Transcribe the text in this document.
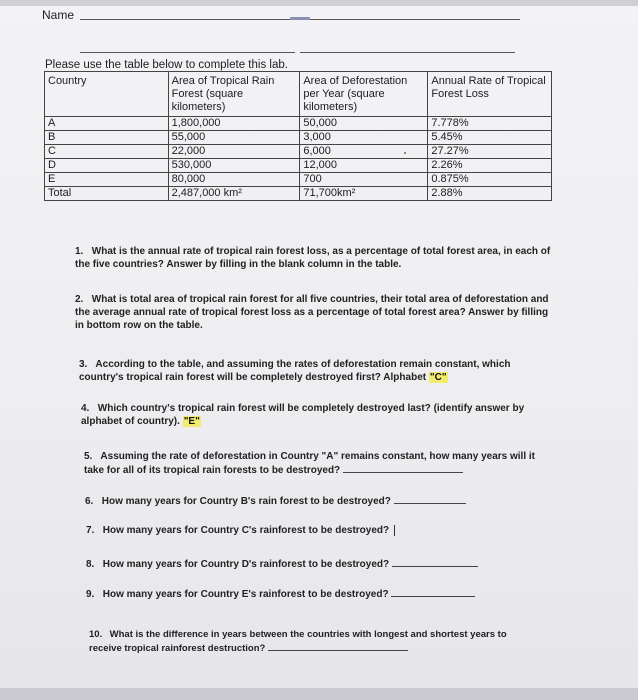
Name
Please use the table below to complete this lab.
Country	Area of Tropical Rain Forest (square kilometers)	Area of Deforestation per Year (square kilometers)	Annual Rate of Tropical Forest Loss
A	1,800,000	50,000	7.778%
B	55,000	3,000	5.45%
C	22,000	6,000	27.27%
D	530,000	12,000	2.26%
E	80,000	700	0.875%
Total	2,487,000 km²	71,700km²	2.88%
1. What is the annual rate of tropical rain forest loss, as a percentage of total forest area, in each of the five countries? Answer by filling in the blank column in the table.
2. What is total area of tropical rain forest for all five countries, their total area of deforestation and the average annual rate of tropical forest loss as a percentage of total forest area? Answer by filling in bottom row on the table.
3. According to the table, and assuming the rates of deforestation remain constant, which country's tropical rain forest will be completely destroyed first? Alphabet "C"
4. Which country's tropical rain forest will be completely destroyed last? (identify answer by alphabet of country). "E"
5. Assuming the rate of deforestation in Country "A" remains constant, how many years will it take for all of its tropical rain forests to be destroyed?
6. How many years for Country B's rain forest to be destroyed?
7. How many years for Country C's rainforest to be destroyed?
8. How many years for Country D's rainforest to be destroyed?
9. How many years for Country E's rainforest to be destroyed?
10. What is the difference in years between the countries with longest and shortest years to receive tropical rainforest destruction?
